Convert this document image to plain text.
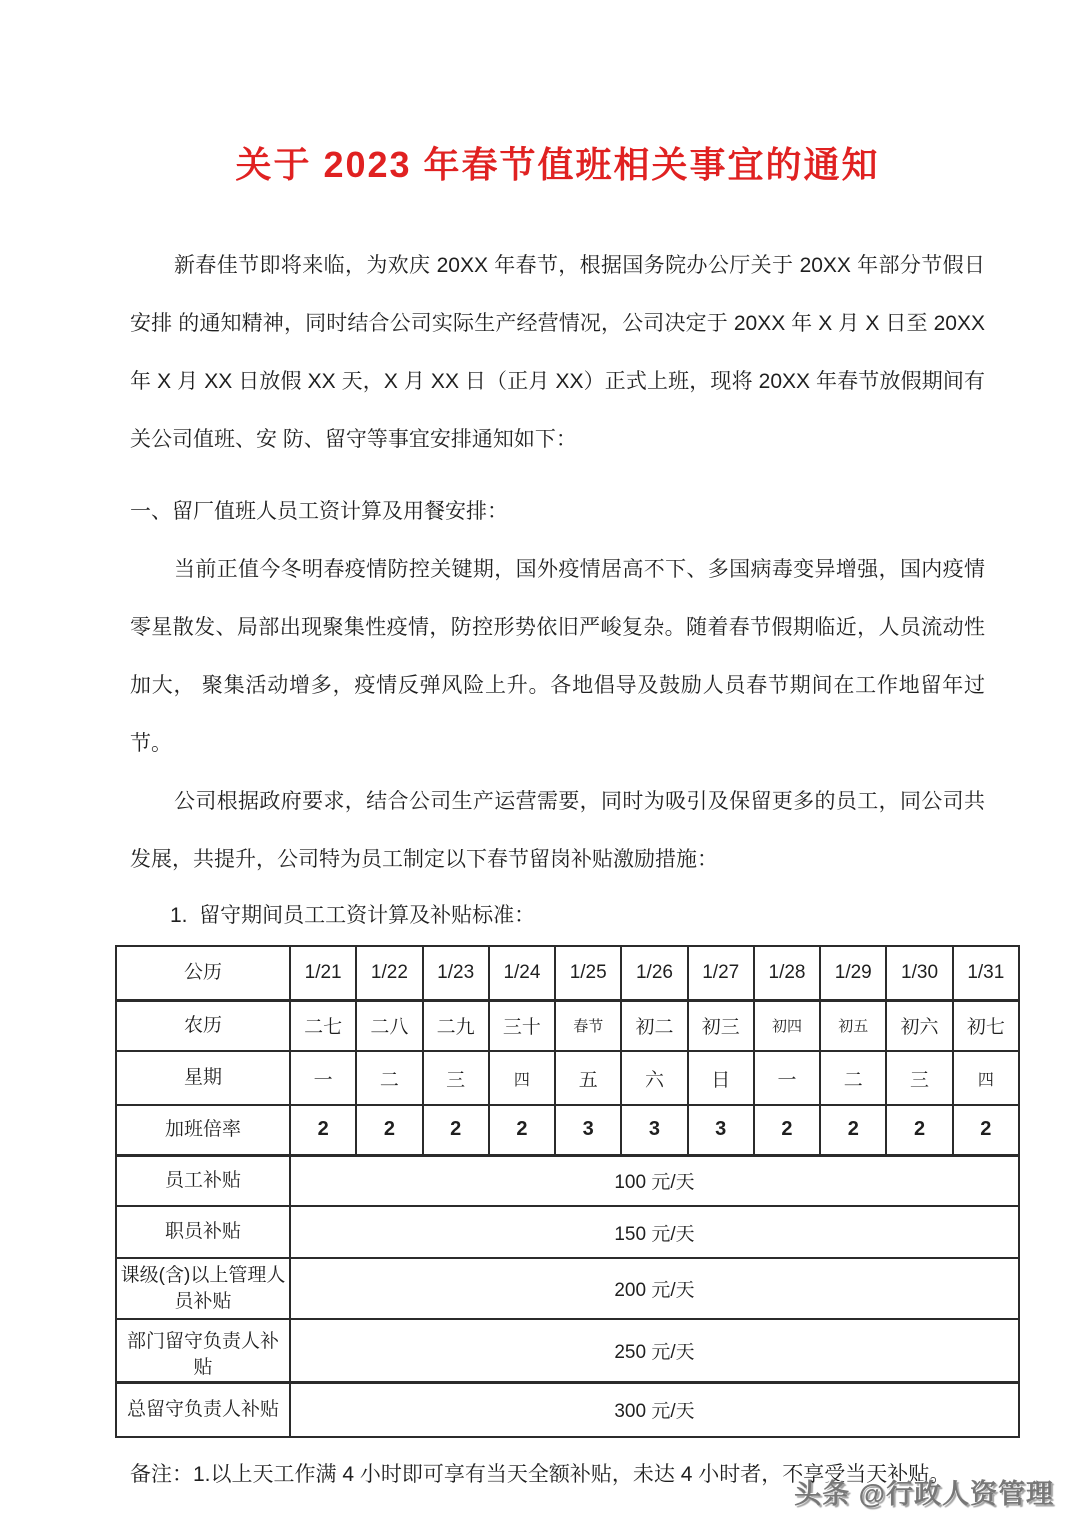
关于 2023 年春节值班相关事宜的通知

新春佳节即将来临，为欢庆 20XX 年春节，根据国务院办公厅关于 20XX 年部分节假日安排 的通知精神，同时结合公司实际生产经营情况，公司决定于 20XX 年 X 月 X 日至 20XX 年 X 月 XX 日放假 XX 天，X 月 XX 日（正月 XX）正式上班，现将 20XX 年春节放假期间有关公司值班、安 防、留守等事宜安排通知如下：

一、留厂值班人员工资计算及用餐安排：

当前正值今冬明春疫情防控关键期，国外疫情居高不下、多国病毒变异增强，国内疫情零星散发、局部出现聚集性疫情，防控形势依旧严峻复杂。随着春节假期临近，人员流动性加大， 聚集活动增多，疫情反弹风险上升。各地倡导及鼓励人员春节期间在工作地留年过节。

公司根据政府要求，结合公司生产运营需要，同时为吸引及保留更多的员工，同公司共发展，共提升，公司特为员工制定以下春节留岗补贴激励措施：

1.  留守期间员工工资计算及补贴标准：

公历	1/21	1/22	1/23	1/24	1/25	1/26	1/27	1/28	1/29	1/30	1/31
农历	二七	二八	二九	三十	春节	初二	初三	初四	初五	初六	初七
星期	一	二	三	四	五	六	日	一	二	三	四
加班倍率	2	2	2	2	3	3	3	2	2	2	2
员工补贴	100 元/天										
职员补贴	150 元/天										
课级(含)以上管理人员补贴	200 元/天										
部门留守负责人补贴	250 元/天										
总留守负责人补贴	300 元/天										

备注：1.以上天工作满 4 小时即可享有当天全额补贴，未达 4 小时者，不享受当天补贴。

头条 @行政人资管理
